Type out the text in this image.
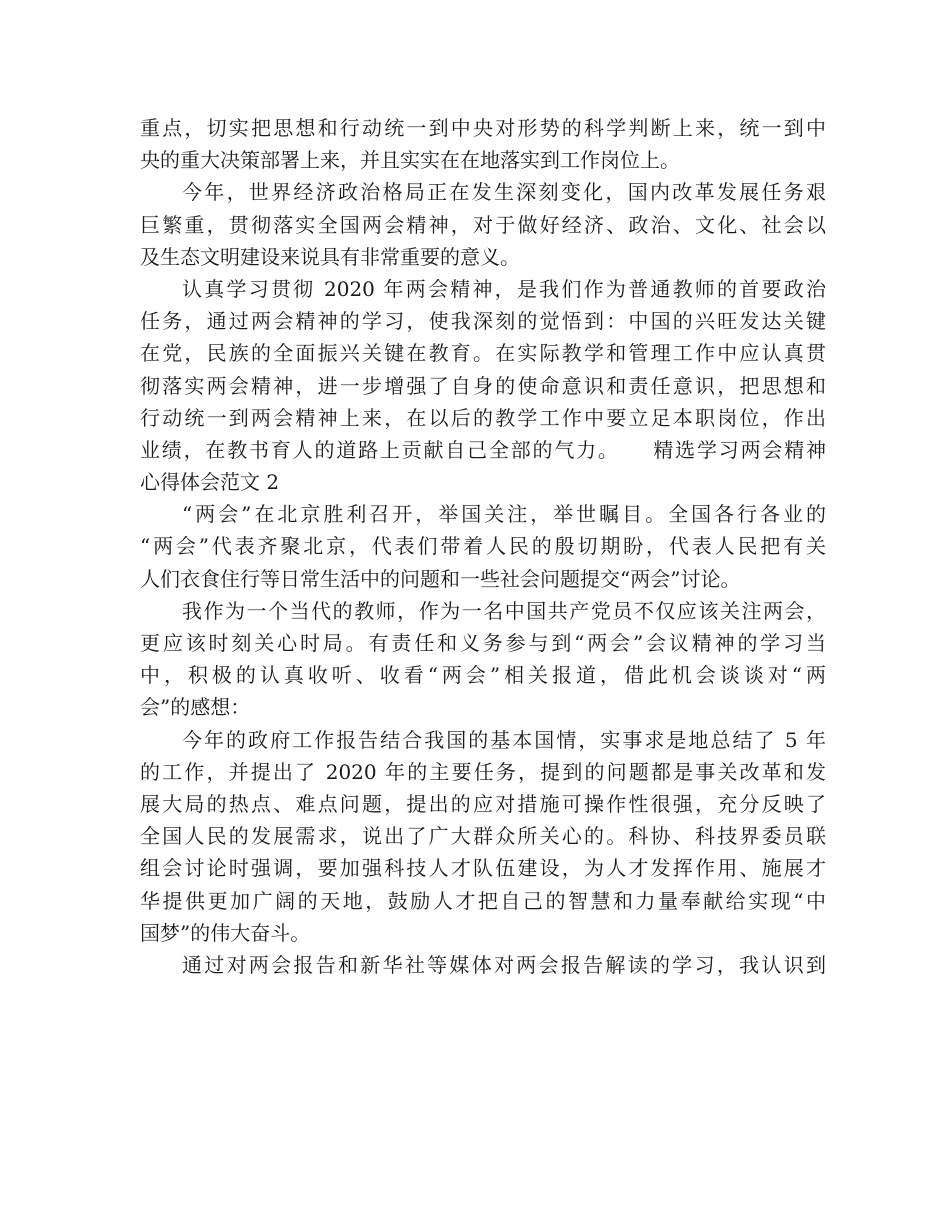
重点，切实把思想和行动统一到中央对形势的科学判断上来，统一到中
央的重大决策部署上来，并且实实在在地落实到工作岗位上。
今年，世界经济政治格局正在发生深刻变化，国内改革发展任务艰
巨繁重，贯彻落实全国两会精神，对于做好经济、政治、文化、社会以
及生态文明建设来说具有非常重要的意义。
认真学习贯彻 2020 年两会精神，是我们作为普通教师的首要政治
任务，通过两会精神的学习，使我深刻的觉悟到：中国的兴旺发达关键
在党，民族的全面振兴关键在教育。在实际教学和管理工作中应认真贯
彻落实两会精神，进一步增强了自身的使命意识和责任意识，把思想和
行动统一到两会精神上来，在以后的教学工作中要立足本职岗位，作出
业绩，在教书育人的道路上贡献自己全部的气力。　　精选学习两会精神
心得体会范文 2
“两会”在北京胜利召开，举国关注，举世瞩目。全国各行各业的
“两会”代表齐聚北京，代表们带着人民的殷切期盼，代表人民把有关
人们衣食住行等日常生活中的问题和一些社会问题提交“两会”讨论。
我作为一个当代的教师，作为一名中国共产党员不仅应该关注两会，
更应该时刻关心时局。有责任和义务参与到“两会”会议精神的学习当
中，积极的认真收听、收看“两会”相关报道，借此机会谈谈对“两
会”的感想：
今年的政府工作报告结合我国的基本国情，实事求是地总结了 5 年
的工作，并提出了 2020 年的主要任务，提到的问题都是事关改革和发
展大局的热点、难点问题，提出的应对措施可操作性很强，充分反映了
全国人民的发展需求，说出了广大群众所关心的。科协、科技界委员联
组会讨论时强调，要加强科技人才队伍建设，为人才发挥作用、施展才
华提供更加广阔的天地，鼓励人才把自己的智慧和力量奉献给实现“中
国梦”的伟大奋斗。
通过对两会报告和新华社等媒体对两会报告解读的学习，我认识到
